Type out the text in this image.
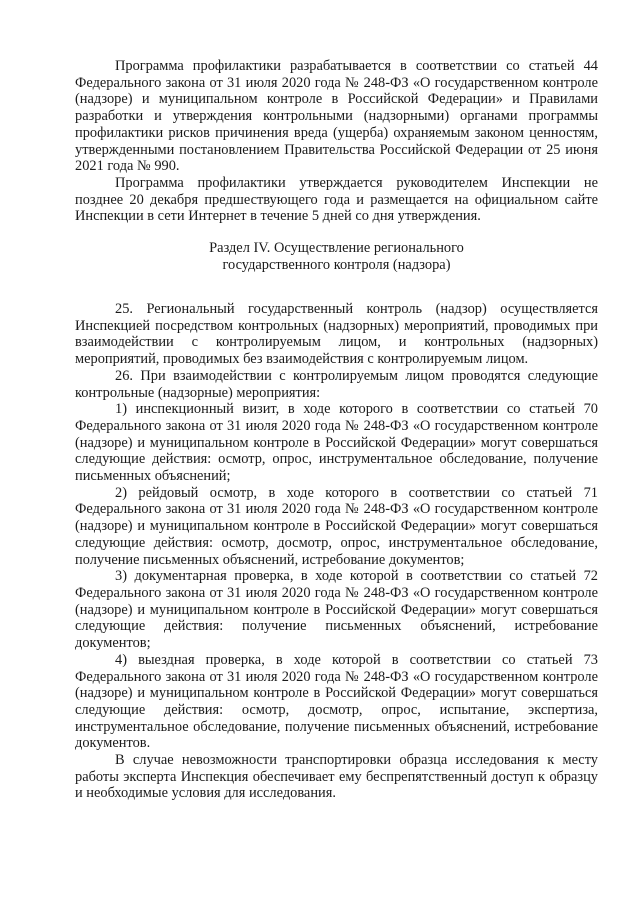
Программа профилактики разрабатывается в соответствии со статьей 44 Федерального закона от 31 июля 2020 года № 248-ФЗ «О государственном контроле (надзоре) и муниципальном контроле в Российской Федерации» и Правилами разработки и утверждения контрольными (надзорными) органами программы профилактики рисков причинения вреда (ущерба) охраняемым законом ценностям, утвержденными постановлением Правительства Российской Федерации от 25 июня 2021 года № 990.

Программа профилактики утверждается руководителем Инспекции не позднее 20 декабря предшествующего года и размещается на официальном сайте Инспекции в сети Интернет в течение 5 дней со дня утверждения.

Раздел IV. Осуществление регионального
государственного контроля (надзора)

25. Региональный государственный контроль (надзор) осуществляется Инспекцией посредством контрольных (надзорных) мероприятий, проводимых при взаимодействии с контролируемым лицом, и контрольных (надзорных) мероприятий, проводимых без взаимодействия с контролируемым лицом.

26. При взаимодействии с контролируемым лицом проводятся следующие контрольные (надзорные) мероприятия:

1) инспекционный визит, в ходе которого в соответствии со статьей 70 Федерального закона от 31 июля 2020 года № 248-ФЗ «О государственном контроле (надзоре) и муниципальном контроле в Российской Федерации» могут совершаться следующие действия: осмотр, опрос, инструментальное обследование, получение письменных объяснений;

2) рейдовый осмотр, в ходе которого в соответствии со статьей 71 Федерального закона от 31 июля 2020 года № 248-ФЗ «О государственном контроле (надзоре) и муниципальном контроле в Российской Федерации» могут совершаться следующие действия: осмотр, досмотр, опрос, инструментальное обследование, получение письменных объяснений, истребование документов;

3) документарная проверка, в ходе которой в соответствии со статьей 72 Федерального закона от 31 июля 2020 года № 248-ФЗ «О государственном контроле (надзоре) и муниципальном контроле в Российской Федерации» могут совершаться следующие действия: получение письменных объяснений, истребование документов;

4) выездная проверка, в ходе которой в соответствии со статьей 73 Федерального закона от 31 июля 2020 года № 248-ФЗ «О государственном контроле (надзоре) и муниципальном контроле в Российской Федерации» могут совершаться следующие действия: осмотр, досмотр, опрос, испытание, экспертиза, инструментальное обследование, получение письменных объяснений, истребование документов.

В случае невозможности транспортировки образца исследования к месту работы эксперта Инспекция обеспечивает ему беспрепятственный доступ к образцу и необходимые условия для исследования.
